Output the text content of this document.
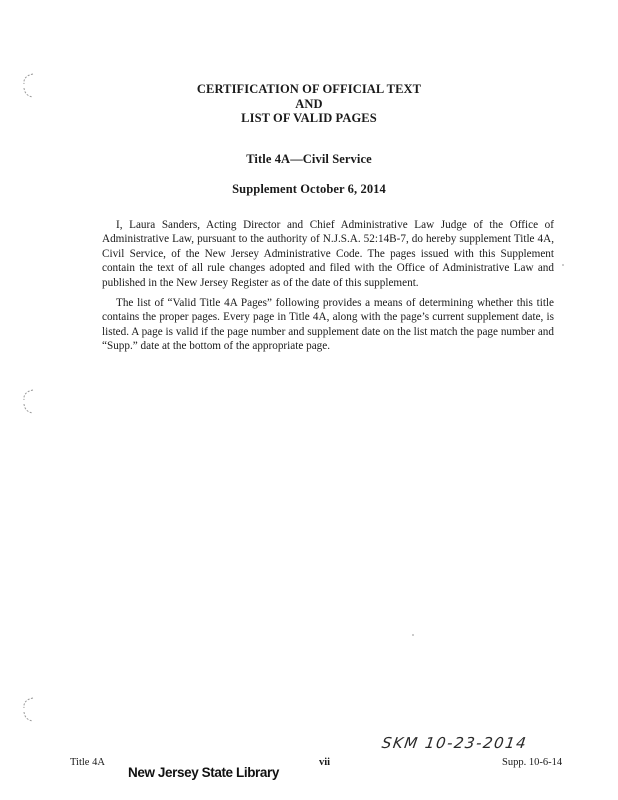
CERTIFICATION OF OFFICIAL TEXT
AND
LIST OF VALID PAGES
Title 4A—Civil Service
Supplement October 6, 2014

I, Laura Sanders, Acting Director and Chief Administrative Law Judge of the Office of Administrative Law, pursuant to the authority of N.J.S.A. 52:14B-7, do hereby supplement Title 4A, Civil Service, of the New Jersey Administrative Code. The pages issued with this Supplement contain the text of all rule changes adopted and filed with the Office of Administrative Law and published in the New Jersey Register as of the date of this supplement.

The list of “Valid Title 4A Pages” following provides a means of determining whether this title contains the proper pages. Every page in Title 4A, along with the page’s current supplement date, is listed. A page is valid if the page number and supplement date on the list match the page number and “Supp.” date at the bottom of the appropriate page.

SKM 10-23-2014
Title 4A	vii	Supp. 10-6-14
New Jersey State Library
